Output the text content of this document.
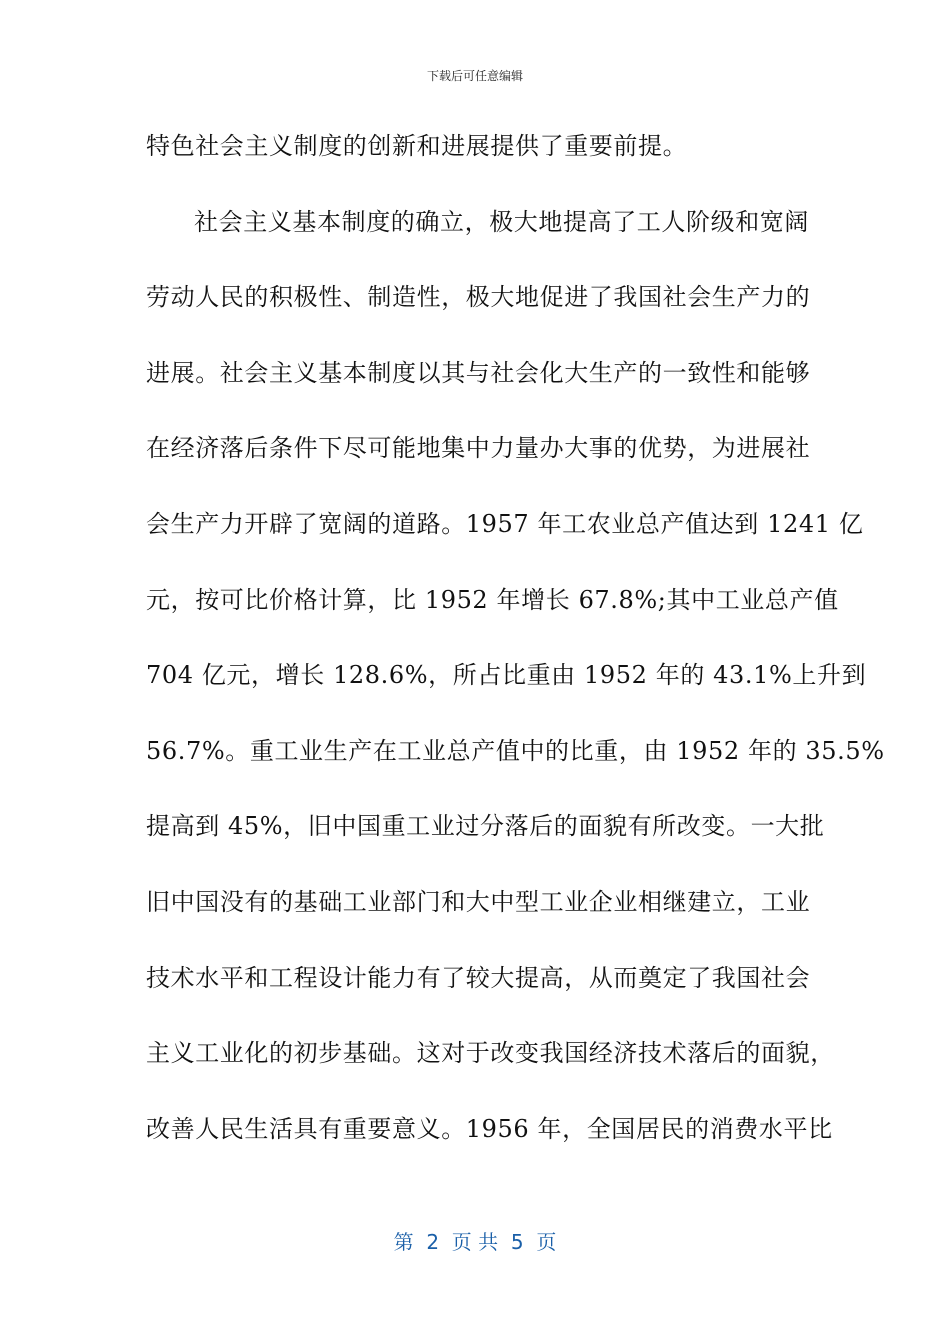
下载后可任意编辑
特色社会主义制度的创新和进展提供了重要前提。
社会主义基本制度的确立，极大地提高了工人阶级和宽阔
劳动人民的积极性、制造性，极大地促进了我国社会生产力的
进展。社会主义基本制度以其与社会化大生产的一致性和能够
在经济落后条件下尽可能地集中力量办大事的优势，为进展社
会生产力开辟了宽阔的道路。1957 年工农业总产值达到 1241 亿
元，按可比价格计算，比 1952 年增长 67.8%;其中工业总产值
704 亿元，增长 128.6%，所占比重由 1952 年的 43.1%上升到
56.7%。重工业生产在工业总产值中的比重，由 1952 年的 35.5%
提高到 45%，旧中国重工业过分落后的面貌有所改变。一大批
旧中国没有的基础工业部门和大中型工业企业相继建立，工业
技术水平和工程设计能力有了较大提高，从而奠定了我国社会
主义工业化的初步基础。这对于改变我国经济技术落后的面貌，
改善人民生活具有重要意义。1956 年，全国居民的消费水平比
第  2  页 共  5  页
